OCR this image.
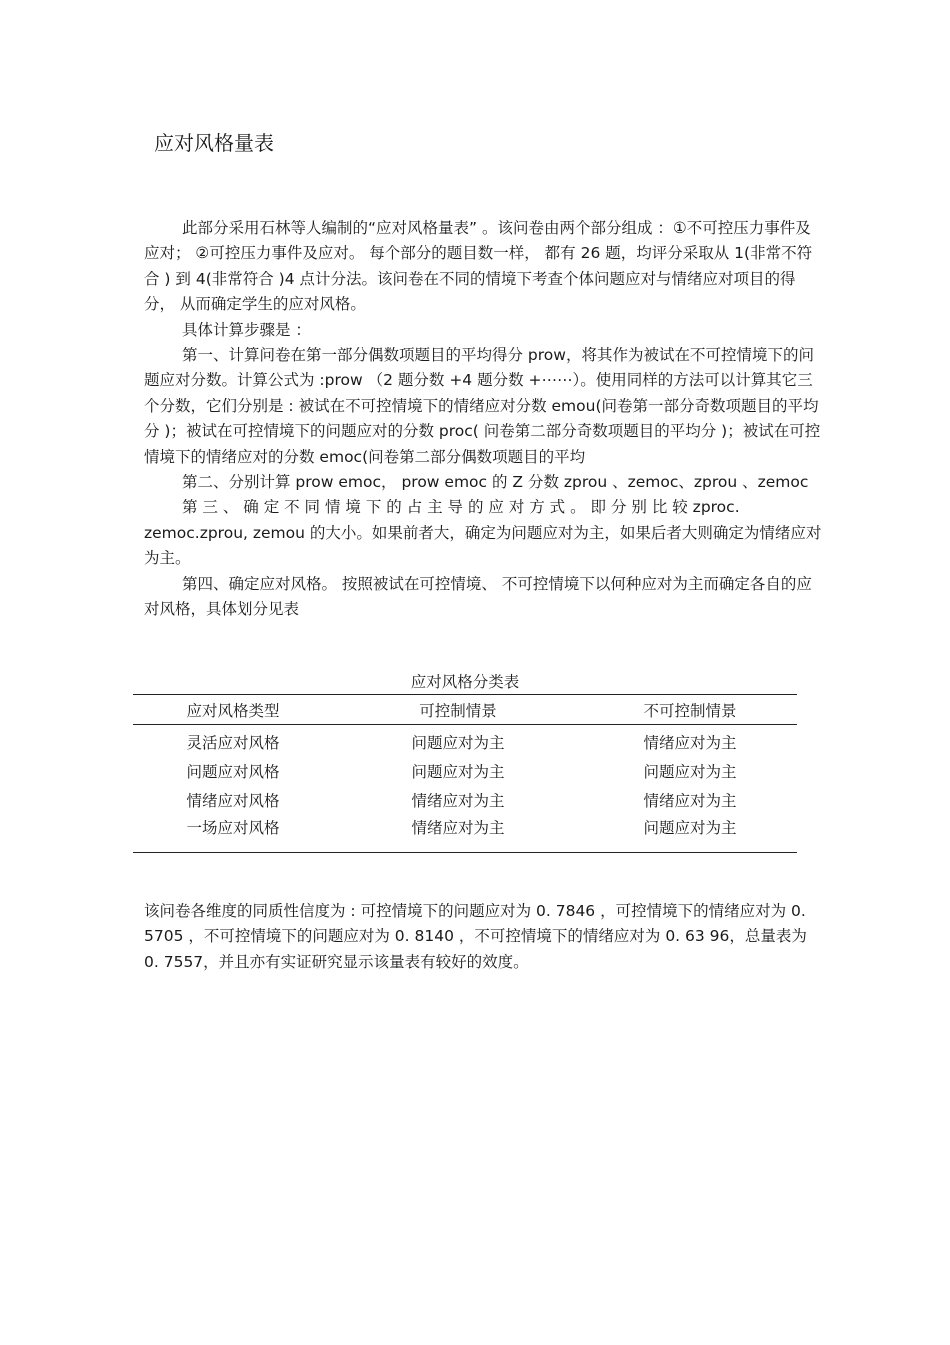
应对风格量表

此部分采用石林等人编制的“应对风格量表” 。该问卷由两个部分组成 ：①不可控压力事件及应对； ②可控压力事件及应对。 每个部分的题目数一样， 都有 26 题，均评分采取从 1(非常不符合 ) 到 4(非常符合 )4 点计分法。该问卷在不同的情境下考查个体问题应对与情绪应对项目的得分， 从而确定学生的应对风格。

具体计算步骤是 ：

第一、计算问卷在第一部分偶数项题目的平均得分 prow，将其作为被试在不可控情境下的问题应对分数。计算公式为 :prow （2 题分数 +4 题分数 +⋯⋯）。使用同样的方法可以计算其它三个分数，它们分别是 : 被试在不可控情境下的情绪应对分数 emou(问卷第一部分奇数项题目的平均分 )；被试在可控情境下的问题应对的分数 proc( 问卷第二部分奇数项题目的平均分 )；被试在可控情境下的情绪应对的分数 emoc(问卷第二部分偶数项题目的平均

第二、分别计算 prow emoc， prow emoc 的 Z 分数 zprou 、zemoc、zprou 、zemoc

第 三 、 确 定 不 同 情 境 下 的 占 主 导 的 应 对 方 式 。 即 分 别 比 较 zproc. zemoc.zprou, zemou 的大小。如果前者大，确定为问题应对为主，如果后者大则确定为情绪应对为主。

第四、确定应对风格。 按照被试在可控情境、 不可控情境下以何种应对为主而确定各自的应对风格，具体划分见表

应对风格分类表
应对风格类型	可控制情景	不可控制情景
灵活应对风格	问题应对为主	情绪应对为主
问题应对风格	问题应对为主	问题应对为主
情绪应对风格	情绪应对为主	情绪应对为主
一场应对风格	情绪应对为主	问题应对为主

该问卷各维度的同质性信度为 : 可控情境下的问题应对为 0. 7846 ，可控情境下的情绪应对为 0. 5705 ，不可控情境下的问题应对为 0. 8140 ，不可控情境下的情绪应对为 0. 63 96，总量表为 0. 7557，并且亦有实证研究显示该量表有较好的效度。
